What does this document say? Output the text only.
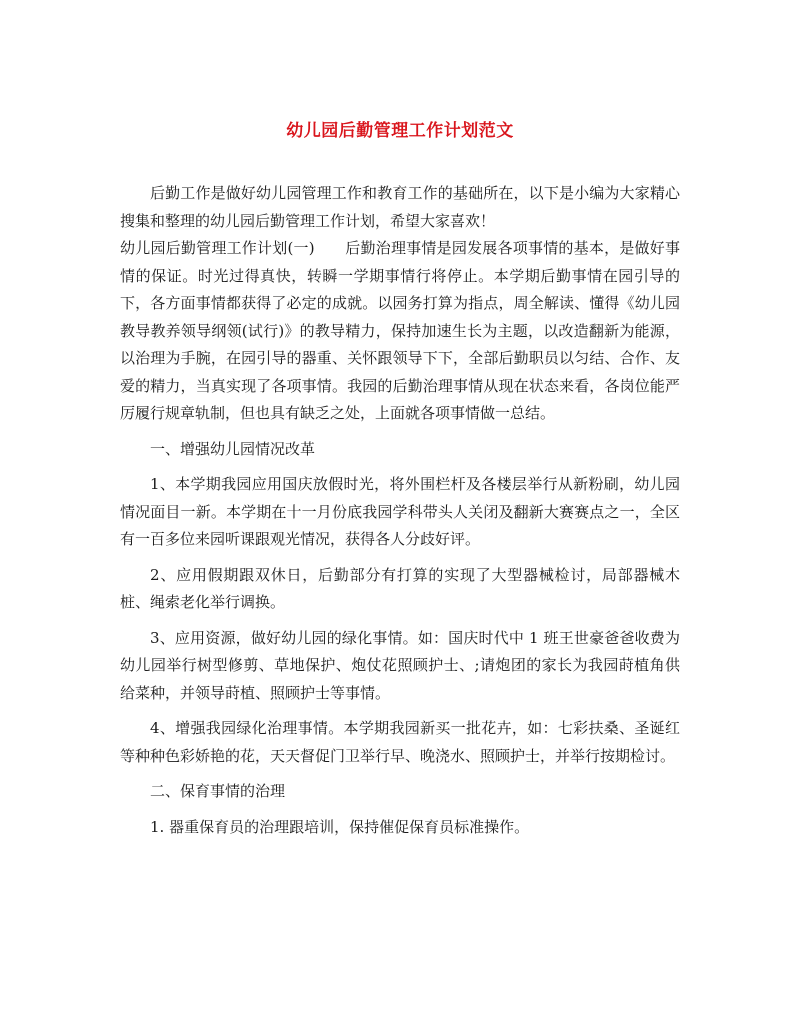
幼儿园后勤管理工作计划范文

后勤工作是做好幼儿园管理工作和教育工作的基础所在，以下是小编为大家精心搜集和整理的幼儿园后勤管理工作计划，希望大家喜欢！

幼儿园后勤管理工作计划(一)　　后勤治理事情是园发展各项事情的基本，是做好事情的保证。时光过得真快，转瞬一学期事情行将停止。本学期后勤事情在园引导的下，各方面事情都获得了必定的成就。以园务打算为指点，周全解读、懂得《幼儿园教导教养领导纲领(试行)》的教导精力，保持加速生长为主题，以改造翻新为能源，以治理为手腕，在园引导的器重、关怀跟领导下下，全部后勤职员以匀结、合作、友爱的精力，当真实现了各项事情。我园的后勤治理事情从现在状态来看，各岗位能严厉履行规章轨制，但也具有缺乏之处，上面就各项事情做一总结。

一、增强幼儿园情况改革

1、本学期我园应用国庆放假时光，将外围栏杆及各楼层举行从新粉刷，幼儿园情况面目一新。本学期在十一月份底我园学科带头人关闭及翻新大赛赛点之一，全区有一百多位来园听课跟观光情况，获得各人分歧好评。

2、应用假期跟双休日，后勤部分有打算的实现了大型器械检讨，局部器械木桩、绳索老化举行调换。

3、应用资源，做好幼儿园的绿化事情。如：国庆时代中 1 班王世豪爸爸收费为幼儿园举行树型修剪、草地保护、炮仗花照顾护士、;请炮团的家长为我园莳植角供给菜种，并领导莳植、照顾护士等事情。

4、增强我园绿化治理事情。本学期我园新买一批花卉，如：七彩扶桑、圣诞红等种种色彩娇艳的花，天天督促门卫举行早、晚浇水、照顾护士，并举行按期检讨。

二、保育事情的治理

1. 器重保育员的治理跟培训，保持催促保育员标准操作。
